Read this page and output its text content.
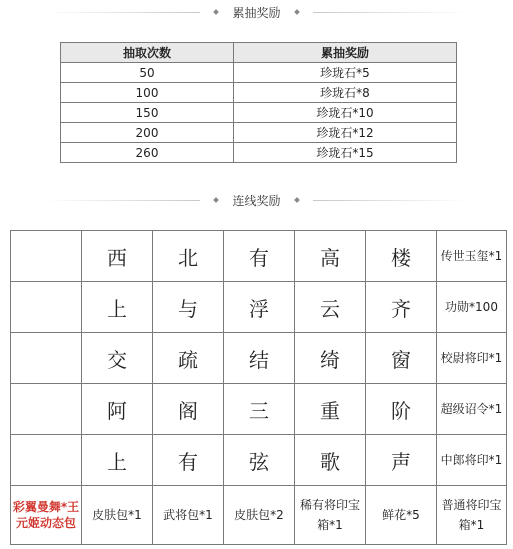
累抽奖励
抽取次数	累抽奖励
50	珍珑石*5
100	珍珑石*8
150	珍珑石*10
200	珍珑石*12
260	珍珑石*15
连线奖励
	西	北	有	高	楼	传世玉玺*1
	上	与	浮	云	齐	功勋*100
	交	疏	结	绮	窗	校尉将印*1
	阿	阁	三	重	阶	超级诏令*1
	上	有	弦	歌	声	中郎将印*1
彩翼曼舞*王元姬动态包	皮肤包*1	武将包*1	皮肤包*2	稀有将印宝箱*1	鲜花*5	普通将印宝箱*1
